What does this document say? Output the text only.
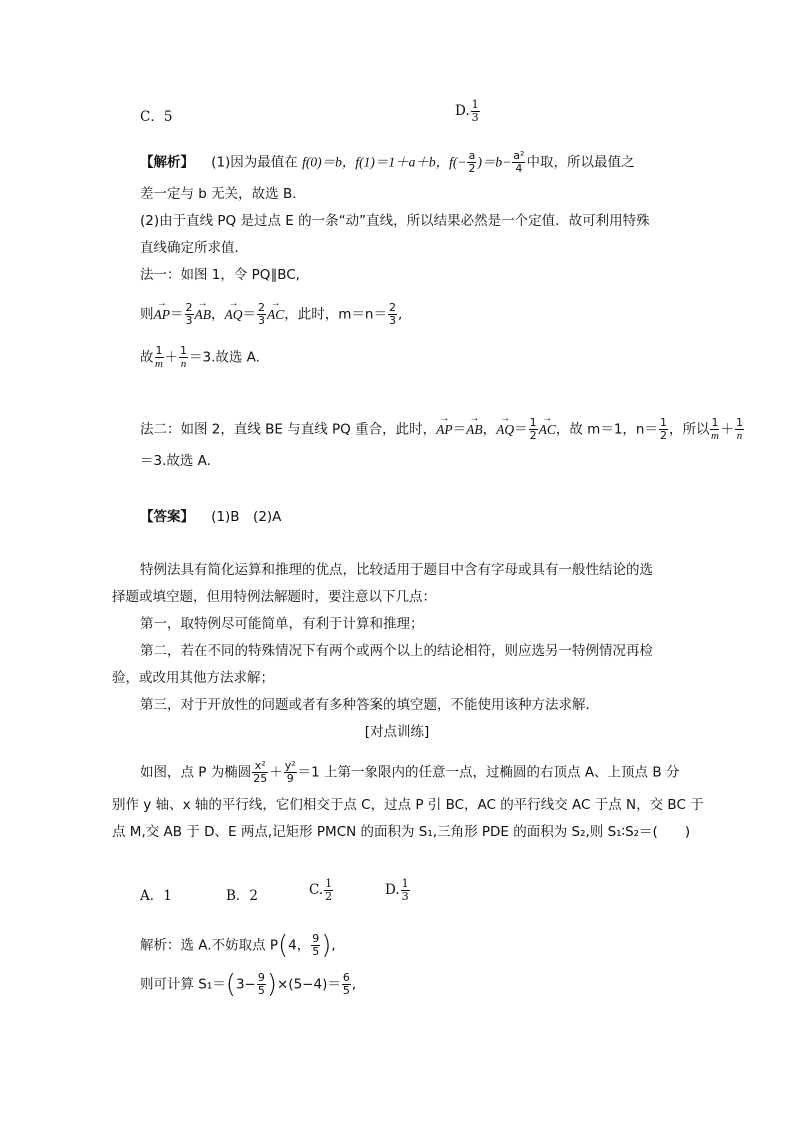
C．5	D. $\frac{1}{3}$
【解析】 (1)因为最值在 f(0)＝b，f(1)＝1＋a＋b，$f(- \frac{a}{2} )=b- \frac{\text{a²}}{4}$ 中取，所以最值之
差一定与 b 无关，故选 B.
(2)由于直线 PQ 是过点 E 的一条“动”直线，所以结果必然是一个定值．故可利用特殊
直线确定所求值．
法一：如图 1，令 PQ∥BC,
则→ $AP= \frac{2}{3}$ → AB，→ $AQ= \frac{2}{3}$ → AC，此时，$m=n= \frac{2}{3}$ ,
故 $\frac{1}{m}+ \frac{1}{n}=3$.故选 A.
法二：如图 2，直线 BE 与直线 PQ 重合，此时，→ AP＝→ AB，→ $AQ= \frac{1}{2}$ → AC，故 m＝1，$n= \frac{1}{2}$ ，所以 $\frac{1}{m}+ \frac{1}{n}$
＝3.故选 A.
【答案】 (1)B　(2)A
特例法具有简化运算和推理的优点，比较适用于题目中含有字母或具有一般性结论的选
择题或填空题，但用特例法解题时，要注意以下几点：
第一，取特例尽可能简单，有利于计算和推理；
第二，若在不同的特殊情况下有两个或两个以上的结论相符，则应选另一特例情况再检
验，或改用其他方法求解；
第三，对于开放性的问题或者有多种答案的填空题，不能使用该种方法求解．
[对点训练]
如图，点 P 为椭圆 $\frac{\text{x²}}{25} + \frac{\text{y²}}{9} =1$ 上第一象限内的任意一点，过椭圆的右顶点 A、上顶点 B 分
别作 y 轴、x 轴的平行线，它们相交于点 C，过点 P 引 BC，AC 的平行线交 AC 于点 N，交 BC 于
点 M,交 AB 于 D、E 两点,记矩形 PMCN 的面积为 S₁,三角形 PDE 的面积为 S₂,则 S₁∶S₂＝(　　)
A．1	B．2	C. $\frac{1}{2}$	D. $\frac{1}{3}$
解析：选 A.不妨取点 P(4， $\frac{9}{5}$ ),
则可计算 $S_1=(3- \frac{9}{5} )\times(5-4)= \frac{6}{5}$ ,
